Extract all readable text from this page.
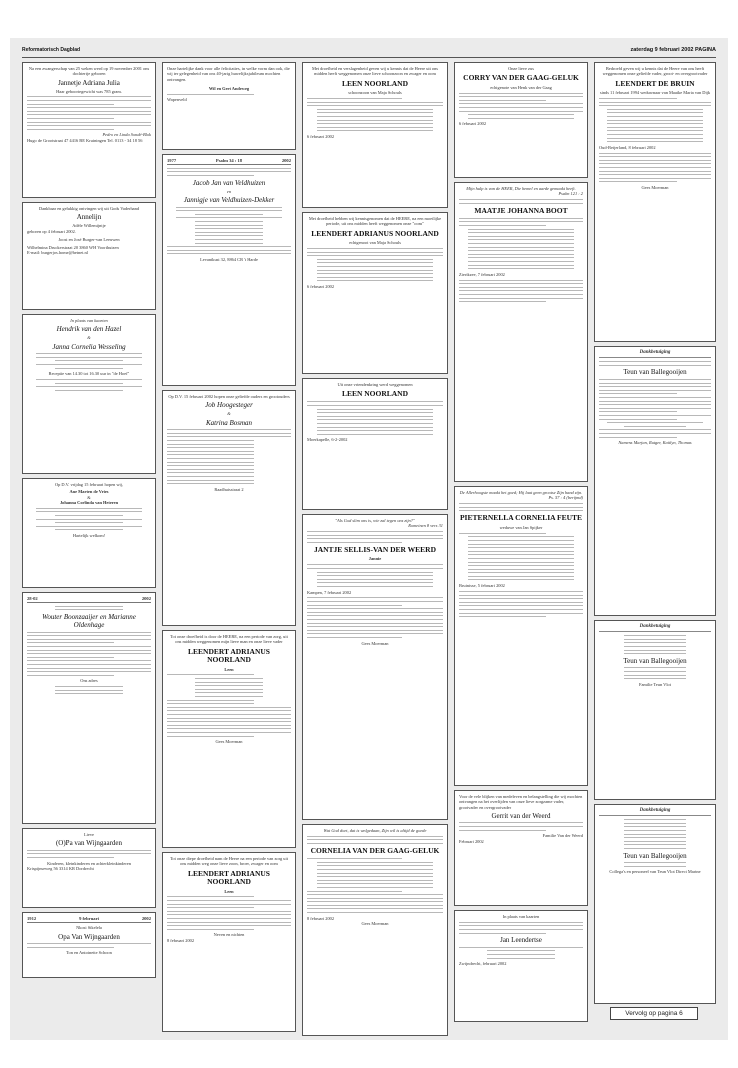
Reformatorisch Dagblad	zaterdag 9 februari 2002 PAGINA
Na een zwangerschap van 25 weken werd op 19 november 2001 ons dochtertje geboren
Jannetje Adriana Julia
Haar geboortegewicht was 785 gram.
Pedro en Linda Sondé-Blok
Hugo de Grootstraat 47 4416 BE Kruiningen Tel. 0113 - 34 18 56
Dankbaar en gelukkig ontvingen wij uit Gods Vaderhand
Annelijn
Adèle Willemijntje
geboren op 4 februari 2002.
Joost en José Burger-van Leeuwen
Wilhelmina Druckerstraat 20 3860 WH Voorthuizen
E-mail: burgerjos.home@hetnet.nl
In plaats van kaarten
Hendrik van den Hazel
&
Janna Cornelia Wesseling
Receptie van 14.30 tot 16.30 uur in "de Hoef"
Op D.V. vrijdag 15 februari hopen wij,
Ane Marten de Vries
&
Johanna Corlinda van Heteren
Hartelijk welkom!
28-02	2002
Wouter Boonzaaijer en Marianne Oldenhage
Ons adres
Lieve
(O)Pa van Wijngaarden
Kinderen, kleinkinderen en achterkleinkinderen
Krispijnseweg 56 3314 KR Dordrecht
1912	9 februari	2002
Nkosi Sikelela
Opa Van Wijngaarden
Ton en Antoinette Schoon
Onze hartelijke dank voor alle felicitaties, in welke vorm dan ook, die wij ter gelegenheid van ons 40-jarig huwelijksjubileum mochten ontvangen.
Wil en Gert Andeweg
Wapenveld
1977	Psalm 34 : 18	2002
Jacob Jan van Veldhuizen
en
Jannigje van Veldhuizen-Dekker
Levantkust 32, 8864 CR 't Harde
Op D.V. 15 februari 2002 hopen onze geliefde ouders en grootouders
Job Hoogesteger
&
Katrina Bosman
Raadhuisstraat 2
Tot onze droefheid is door de HEERE, na een periode van zorg, uit ons midden weggenomen mijn lieve man en onze lieve vader
LEENDERT ADRIANUS NOORLAND
Leen
Gees Moerman
Tot onze diepe droefheid nam de Heere na een periode van zorg uit ons midden weg onze lieve zoon, broer, zwager en oom
LEENDERT ADRIANUS NOORLAND
Leen
Neven en nichten
8 februari 2002
Met droefheid en verslagenheid geven wij u kennis dat de Heere uit ons midden heeft weggenomen onze lieve schoonzoon en zwager en oom
LEEN NOORLAND
schoonzoon van Maja Schouls
6 februari 2002
Met droefheid hebben wij kennisgenomen dat de HEERE, na een moeilijke periode, uit ons midden heeft weggenomen onze "oom"
LEENDERT ADRIANUS NOORLAND
echtgenoot van Maja Schouls
6 februari 2002
Uit onze vriendenkring werd weggenomen
LEEN NOORLAND
Moerkapelle, 6-2-2002
"Als God slim ons is, wie zal tegen ons zijn?"
Romeinen 8 vers 31
JANTJE SELLIS-VAN DER WEERD
Jannie
Kampen, 7 februari 2002
Gees Moerman
Wat God doet, dat is welgedaan, Zijn wil is altijd de goede
CORNELIA VAN DER GAAG-GELUK
8 februari 2002
Gees Moerman
Onze lieve zus
CORRY VAN DER GAAG-GELUK
echtgenote van Henk van der Gaag
6 februari 2002
Mijn hulp is van de HEER, Die hemel en aarde gemaakt heeft.
Psalm 121 : 2
MAATJE JOHANNA BOOT
Zierikzee, 7 februari 2002
De Allerhoogste maakt het goed; Hij laat geen grootse Zijn hand zijn.
Ps. 57 : 4 (berijmd)
PIETERNELLA CORNELIA FEUTE
weduwe van Jan Spijker
Bruinisse, 5 februari 2002
Voor de vele blijken van medeleven en belangstelling die wij mochten ontvangen na het overlijden van onze lieve zorgzame vader, grootvader en overgrootvader
Gerrit van der Weerd
Familie Van der Weerd
Februari 2002
In plaats van kaarten
Jan Leendertse
Zwijndrecht, februari 2002
Bedroefd geven wij u kennis dat de Heere van ons heeft weggenomen onze geliefde vader, groot- en overgrootvader
LEENDERT DE BRUIN
sinds 11 februari 1994 weduwnaar van Maaike Maria van Dijk
Oud-Beijerland, 8 februari 2002
Gees Moerman
Dankbetuiging
Teun van Ballegooijen
Namens Marjan, Rutger, Kaitlyn, Thomas
Dankbetuiging
Teun van Ballegooijen
Familie Teun Vlot
Dankbetuiging
Teun van Ballegooijen
Collega's en personeel van Teun Vlot Direct Marine
Vervolg op pagina 6
